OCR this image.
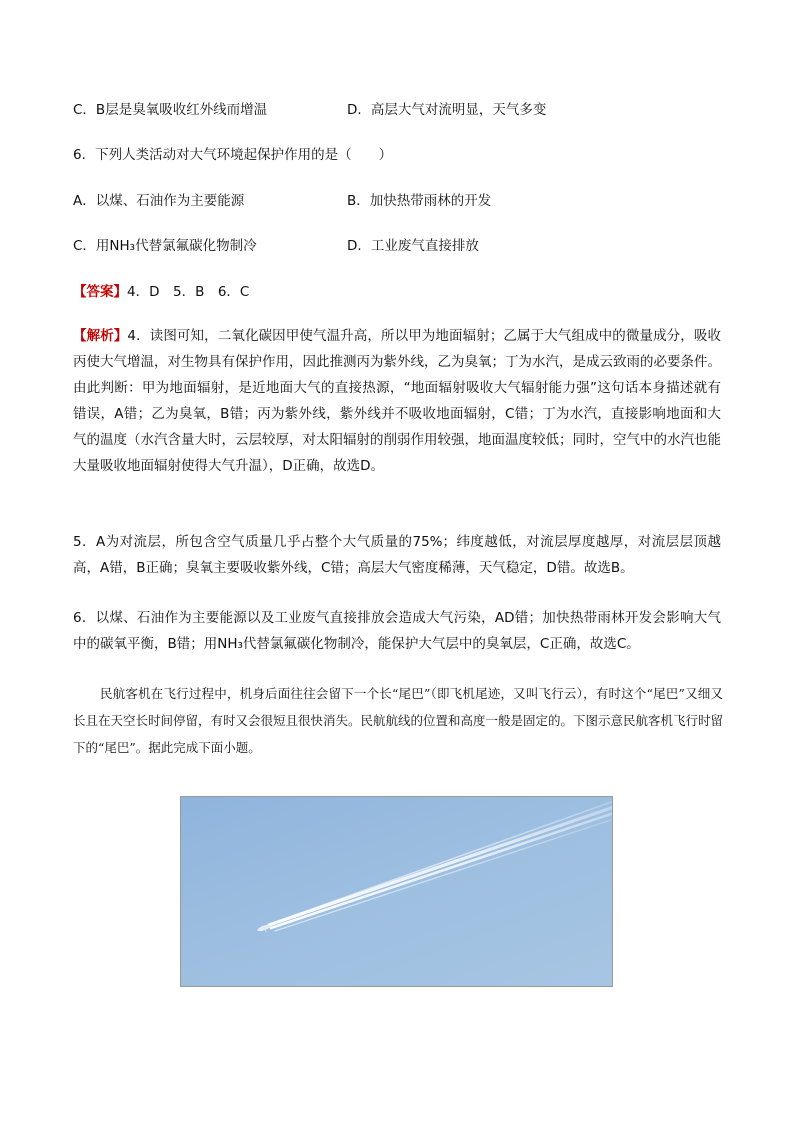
C．B层是臭氧吸收红外线而增温	D．高层大气对流明显，天气多变
6．下列人类活动对大气环境起保护作用的是（　　）
A．以煤、石油作为主要能源	B．加快热带雨林的开发
C．用NH₃代替氯氟碳化物制冷	D．工业废气直接排放
【答案】4．D　5．B　6．C
【解析】4．读图可知，二氧化碳因甲使气温升高，所以甲为地面辐射；乙属于大气组成中的微量成分，吸收丙使大气增温，对生物具有保护作用，因此推测丙为紫外线，乙为臭氧；丁为水汽，是成云致雨的必要条件。由此判断：甲为地面辐射，是近地面大气的直接热源，“地面辐射吸收大气辐射能力强”这句话本身描述就有错误，A错；乙为臭氧，B错；丙为紫外线，紫外线并不吸收地面辐射，C错；丁为水汽，直接影响地面和大气的温度（水汽含量大时，云层较厚，对太阳辐射的削弱作用较强，地面温度较低；同时，空气中的水汽也能大量吸收地面辐射使得大气升温），D正确，故选D。
5．A为对流层，所包含空气质量几乎占整个大气质量的75%；纬度越低，对流层厚度越厚，对流层层顶越高，A错，B正确；臭氧主要吸收紫外线，C错；高层大气密度稀薄，天气稳定，D错。故选B。
6．以煤、石油作为主要能源以及工业废气直接排放会造成大气污染，AD错；加快热带雨林开发会影响大气中的碳氧平衡，B错；用NH₃代替氯氟碳化物制冷，能保护大气层中的臭氧层，C正确，故选C。
民航客机在飞行过程中，机身后面往往会留下一个长“尾巴”（即飞机尾迹，又叫飞行云），有时这个“尾巴”又细又长且在天空长时间停留，有时又会很短且很快消失。民航航线的位置和高度一般是固定的。下图示意民航客机飞行时留下的“尾巴”。据此完成下面小题。
